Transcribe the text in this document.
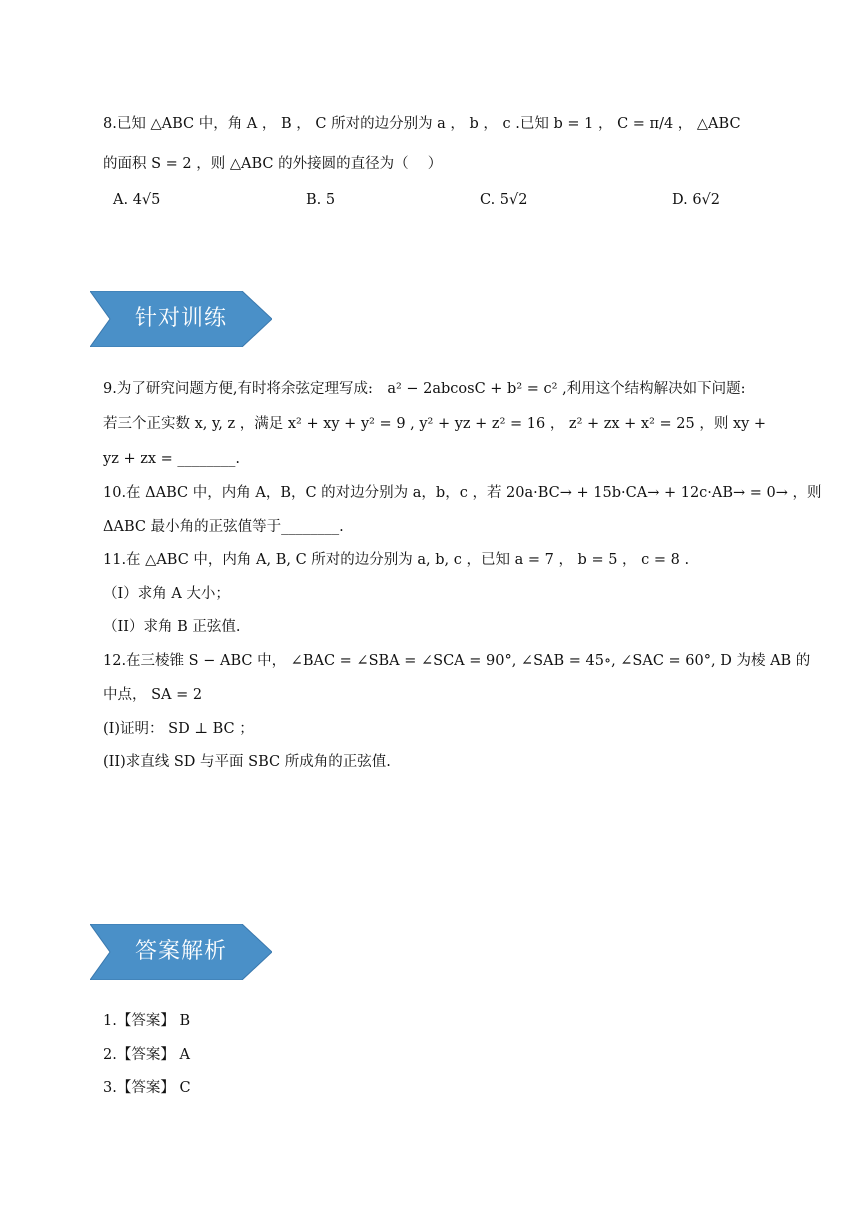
8.已知 △ABC 中，角 A ， B ， C 所对的边分别为 a ， b ， c .已知 b = 1 ， C = π/4 ， △ABC
的面积 S = 2 ，则 △ABC 的外接圆的直径为（　 ）
A. 4√5	B. 5	C. 5√2	D. 6√2
针对训练
9.为了研究问题方便,有时将余弦定理写成:　a² − 2abcosC + b² = c² ,利用这个结构解决如下问题:
若三个正实数 x, y, z ，满足 x² + xy + y² = 9 , y² + yz + z² = 16 ， z² + zx + x² = 25 ，则 xy +
yz + zx = ________.
10.在 ΔABC 中，内角 A，B，C 的对边分别为 a，b，c ，若 20a·BC→ + 15b·CA→ + 12c·AB→ = 0→ ，则
ΔABC 最小角的正弦值等于________.
11.在 △ABC 中，内角 A, B, C 所对的边分别为 a, b, c ，已知 a = 7 ， b = 5 ， c = 8 .
（I）求角 A 大小；
（II）求角 B 正弦值.
12.在三棱锥 S − ABC 中， ∠BAC = ∠SBA = ∠SCA = 90°, ∠SAB = 45∘, ∠SAC = 60°, D 为棱 AB 的
中点， SA = 2
(I)证明： SD ⊥ BC ；
(II)求直线 SD 与平面 SBC 所成角的正弦值.
答案解析
1.【答案】 B
2.【答案】 A
3.【答案】 C
